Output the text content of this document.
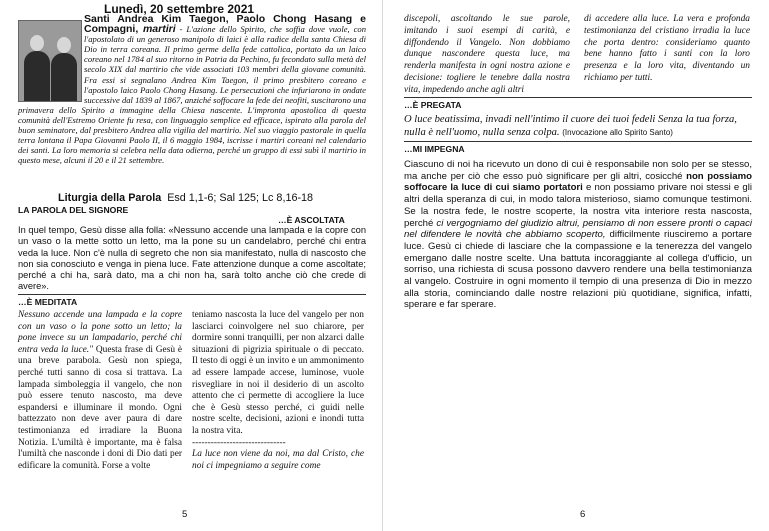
Lunedì, 20 settembre 2021
Santi Andrea Kim Taegon, Paolo Chong Hasang e Compagni, martiri - L'azione dello Spirito, che soffia dove vuole, con l'apostolato di un generoso manipolo di laici è alla radice della santa Chiesa di Dio in terra coreana. Il primo germe della fede cattolica, portato da un laico coreano nel 1784 al suo ritorno in Patria da Pechino, fu fecondato sulla metà del secolo XIX dal martirio che vide associati 103 membri della giovane comunità. Fra essi si segnalano Andrea Kim Taegon, il primo presbitero coreano e l'apostolo laico Paolo Chong Hasang. Le persecuzioni che infuriarono in ondate successive dal 1839 al 1867, anziché soffocare la fede dei neofiti, suscitarono una primavera dello Spirito a immagine della Chiesa nascente. L'impronta apostolica di questa comunità dell'Estremo Oriente fu resa, con linguaggio semplice ed efficace, ispirato alla parola del buon seminatore, dal presbitero Andrea alla vigilia del martirio. Nel suo viaggio pastorale in quella terra lontana il Papa Giovanni Paolo II, il 6 maggio 1984, iscrisse i martiri coreani nel calendario dei santi. La loro memoria si celebra nella data odierna, perché un gruppo di essi subì il martirio in questo mese, alcuni il 20 e il 21 settembre.
Liturgia della Parola Esd 1,1-6; Sal 125; Lc 8,16-18
LA PAROLA DEL SIGNORE
…È ASCOLTATA
In quel tempo, Gesù disse alla folla: «Nessuno accende una lampada e la copre con un vaso o la mette sotto un letto, ma la pone su un candelabro, perché chi entra veda la luce. Non c'è nulla di segreto che non sia manifestato, nulla di nascosto che non sia conosciuto e venga in piena luce. Fate attenzione dunque a come ascoltate; perché a chi ha, sarà dato, ma a chi non ha, sarà tolto anche ciò che crede di avere».
…È MEDITATA
Nessuno accende una lampada e la copre con un vaso o la pone sotto un letto; la pone invece su un lampadario, perché chi entra veda la luce." Questa frase di Gesù è una breve parabola. Gesù non spiega, perché tutti sanno di cosa si trattava. La lampada simboleggia il vangelo, che non può essere tenuto nascosto, ma deve espandersi e illuminare il mondo. Ogni battezzato non deve aver paura di dare testimonianza ed irradiare la Buona Notizia. L'umiltà è importante, ma è falsa l'umiltà che nasconde i doni di Dio dati per edificare la comunità. Forse a volte
teniamo nascosta la luce del vangelo per non lasciarci coinvolgere nel suo chiarore, per dormire sonni tranquilli, per non alzarci dalle situazioni di pigrizia spirituale o di peccato. Il testo di oggi è un invito e un ammonimento ad essere lampade accese, luminose, vuole risvegliare in noi il desiderio di un ascolto attento che ci permette di accogliere la luce che è Gesù stesso perché, ci guidi nelle nostre scelte, decisioni, azioni e inondi tutta la nostra vita.
------------------------------
La luce non viene da noi, ma dal Cristo, che noi ci impegniamo a seguire come
5
discepoli, ascoltando le sue parole, imitando i suoi esempi di carità, e diffondendo il Vangelo. Non dobbiamo dunque nascondere questa luce, ma renderla manifesta in ogni nostra azione e decisione: togliere le tenebre dalla nostra vita, impedendo anche agli altri
di accedere alla luce. La vera e profonda testimonianza del cristiano irradia la luce che porta dentro: consideriamo quanto bene hanno fatto i santi con la loro presenza e la loro vita, diventando un richiamo per tutti.
…È PREGATA
O luce beatissima, invadi nell'intimo il cuore dei tuoi fedeli Senza la tua forza, nulla è nell'uomo, nulla senza colpa. (Invocazione allo Spirito Santo)
…MI IMPEGNA
Ciascuno di noi ha ricevuto un dono di cui è responsabile non solo per se stesso, ma anche per ciò che esso può significare per gli altri, cosicché non possiamo soffocare la luce di cui siamo portatori e non possiamo privare noi stessi e gli altri della speranza di cui, in modo talora misterioso, siamo comunque testimoni. Se la nostra fede, le nostre scoperte, la nostra vita interiore resta nascosta, perché ci vergogniamo del giudizio altrui, pensiamo di non essere pronti o capaci nel difendere le novità che abbiamo scoperto, difficilmente riusciremo a portare luce. Gesù ci chiede di lasciare che la compassione e la tenerezza del vangelo emergano dalle nostre scelte. Una battuta incoraggiante al collega d'ufficio, un sorriso, una richiesta di scusa possono davvero rendere una bella testimonianza al vangelo. Costruire in ogni momento il tempio di una presenza di Dio in mezzo alla storia, cominciando dalle nostre relazioni più quotidiane, significa, infatti, sperare e far sperare.
6
